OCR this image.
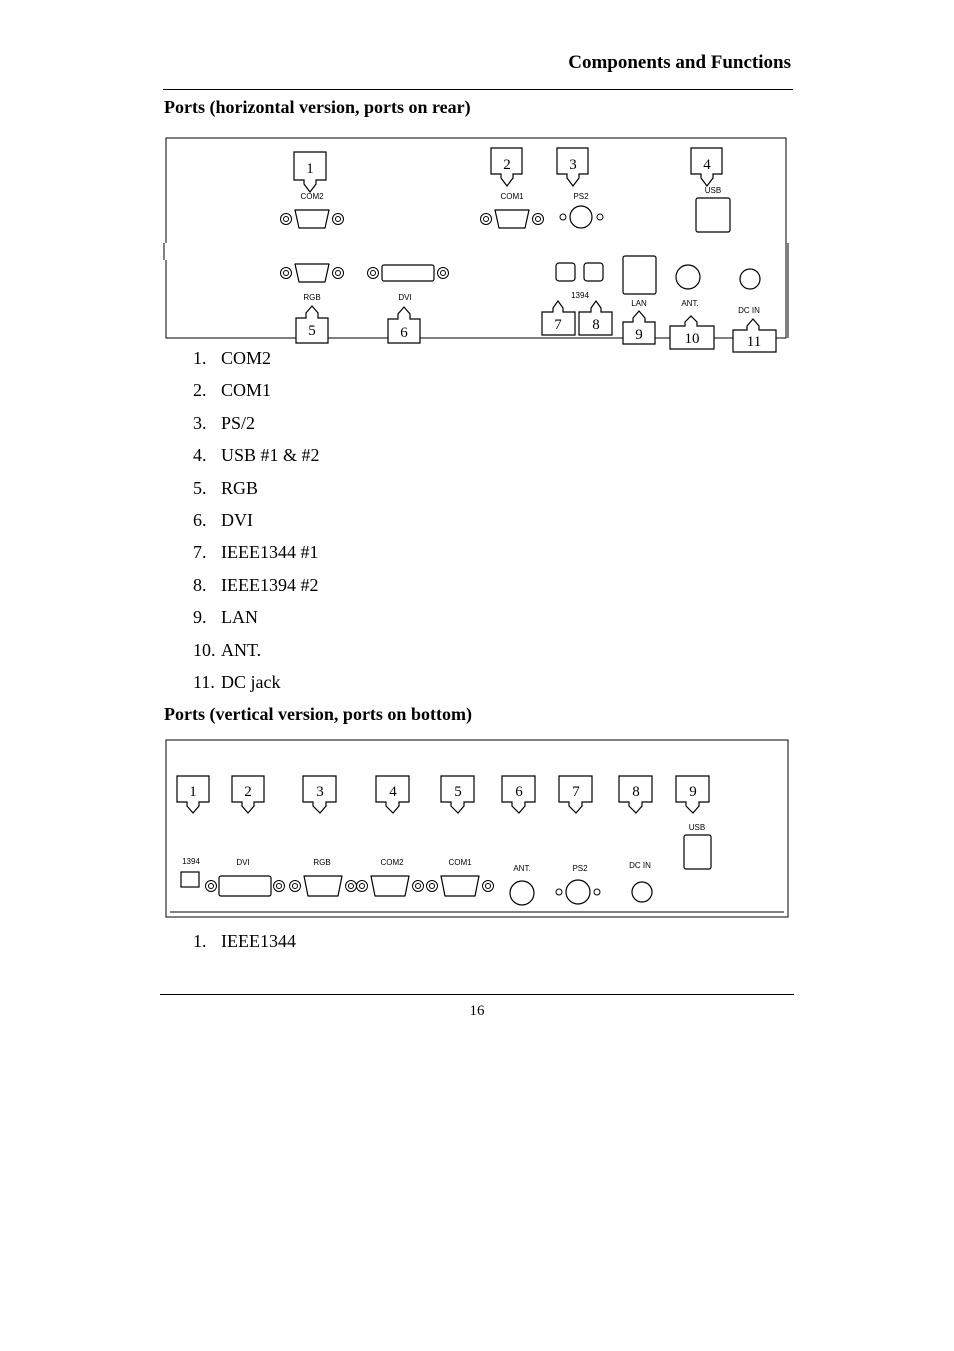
Components and Functions
Ports (horizontal version, ports on rear)
1	2	3	4
5	6	7 8
9	10	11
COM2	COM1	PS2
USB
RGB	DVI	1394
LAN	ANT.
DC IN
1. COM2
2. COM1
3. PS/2
4. USB #1 & #2
5. RGB
6. DVI
7. IEEE1344 #1
8. IEEE1394 #2
9. LAN
10. ANT.
11. DC jack
Ports (vertical version, ports on bottom)
1	2	3	4	5	6	7	8	9
1394	DVI	RGB	COM2	COM1
ANT.	PS2	DC IN
USB
1. IEEE1344
16
